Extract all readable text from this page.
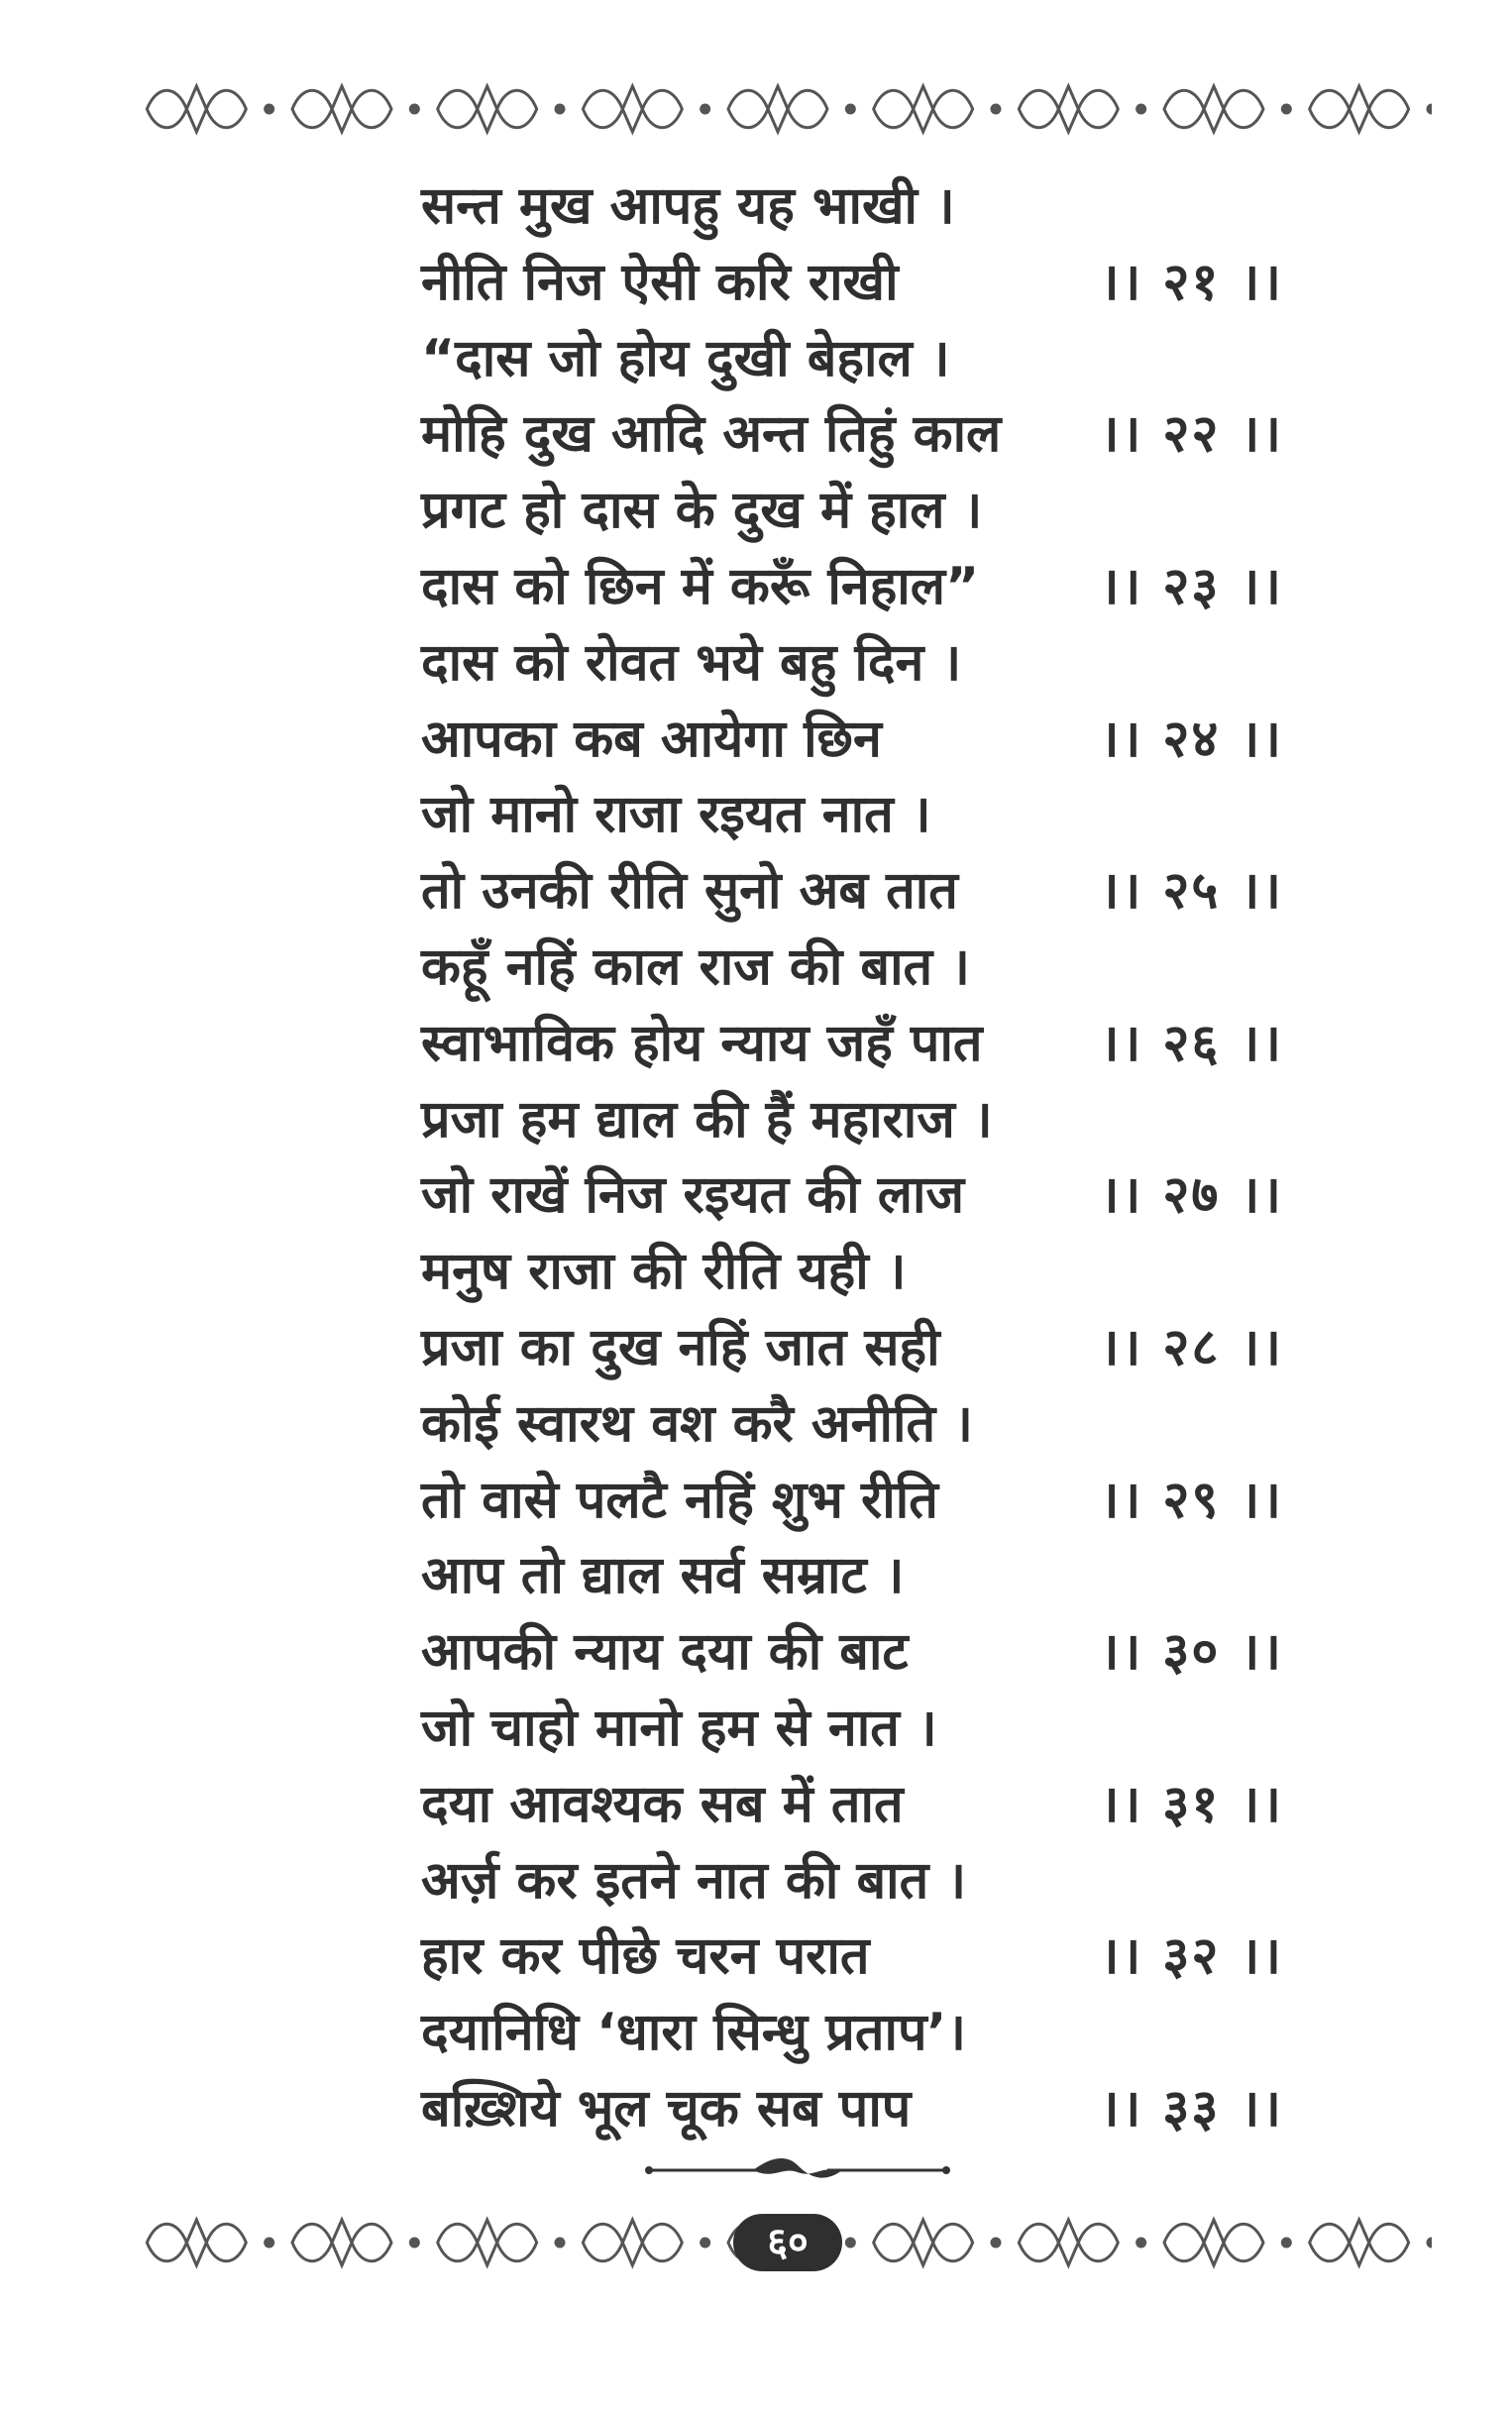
सन्त मुख आपहु यह भाखी ।
नीति निज ऐसी करि राखी	।। २१ ।।
“दास जो होय दुखी बेहाल ।
मोहि दुख आदि अन्त तिहुं काल ।। २२ ।।
प्रगट हो दास के दुख में हाल ।
दास को छिन में करूँ निहाल” ।। २३ ।।
दास को रोवत भये बहु दिन ।
आपका कब आयेगा छिन	।। २४ ।।
जो मानो राजा रइयत नात ।
तो उनकी रीति सुनो अब तात	।। २५ ।।
कहूँ नहिं काल राज की बात ।
स्वाभाविक होय न्याय जहँ पात ।। २६ ।।
प्रजा हम द्याल की हैं महाराज ।
जो राखें निज रइयत की लाज	।। २७ ।।
मनुष राजा की रीति यही ।
प्रजा का दुख नहिं जात सही	।। २८ ।।
कोई स्वारथ वश करै अनीति ।
तो वासे पलटै नहिं शुभ रीति	।। २९ ।।
आप तो द्याल सर्व सम्राट ।
आपकी न्याय दया की बाट	।। ३० ।।
जो चाहो मानो हम से नात ।
दया आवश्यक सब में तात	।। ३१ ।।
अर्ज़ कर इतने नात की बात ।
हार कर पीछे चरन परात	।। ३२ ।।
दयानिधि ‘धारा सिन्धु प्रताप’।
बख़्शिये भूल चूक सब पाप	।। ३३ ।।
६०
